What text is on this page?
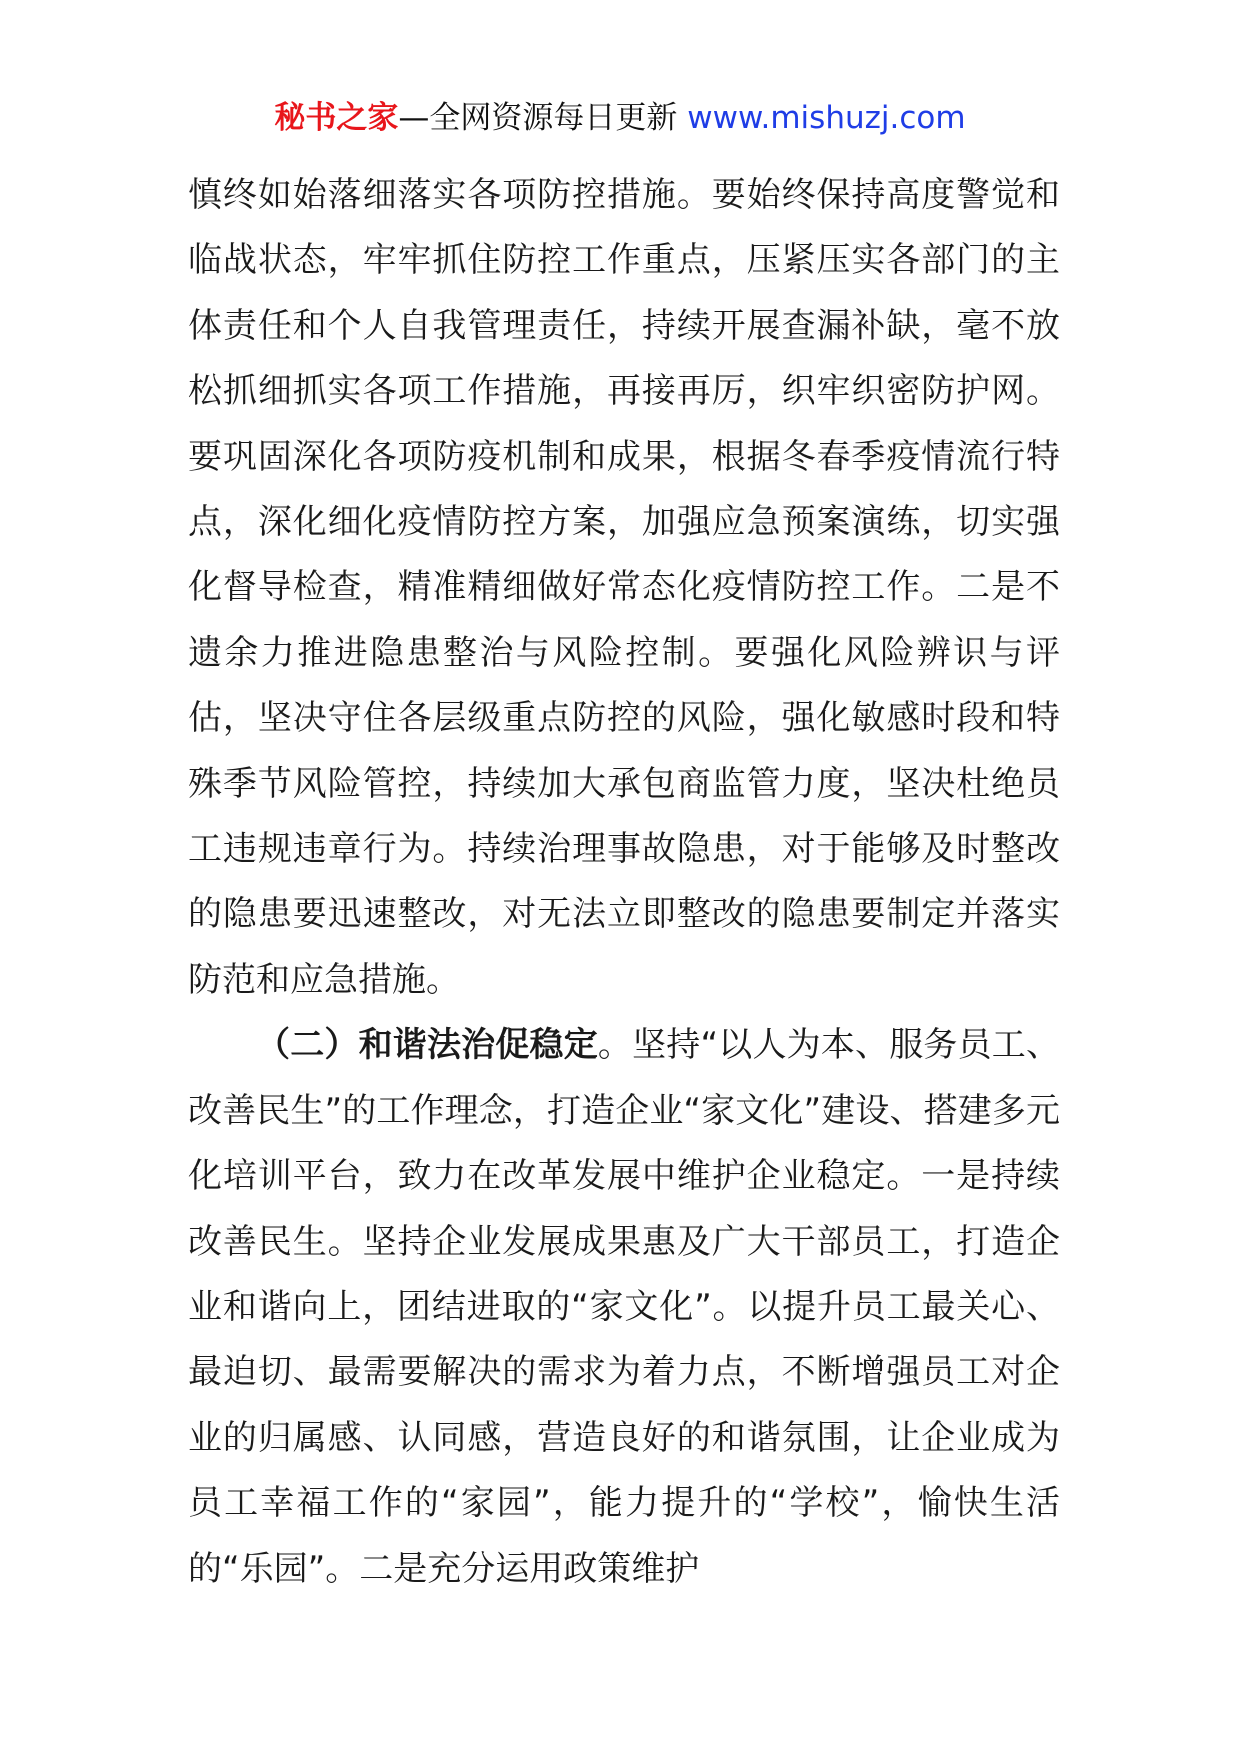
秘书之家—全网资源每日更新 www.mishuzj.com

慎终如始落细落实各项防控措施。要始终保持高度警觉和临战状态，牢牢抓住防控工作重点，压紧压实各部门的主体责任和个人自我管理责任，持续开展查漏补缺，毫不放松抓细抓实各项工作措施，再接再厉，织牢织密防护网。要巩固深化各项防疫机制和成果，根据冬春季疫情流行特点，深化细化疫情防控方案，加强应急预案演练，切实强化督导检查，精准精细做好常态化疫情防控工作。二是不遗余力推进隐患整治与风险控制。要强化风险辨识与评估，坚决守住各层级重点防控的风险，强化敏感时段和特殊季节风险管控，持续加大承包商监管力度，坚决杜绝员工违规违章行为。持续治理事故隐患，对于能够及时整改的隐患要迅速整改，对无法立即整改的隐患要制定并落实防范和应急措施。

（二）和谐法治促稳定。坚持“以人为本、服务员工、改善民生”的工作理念，打造企业“家文化”建设、搭建多元化培训平台，致力在改革发展中维护企业稳定。一是持续改善民生。坚持企业发展成果惠及广大干部员工，打造企业和谐向上，团结进取的“家文化”。以提升员工最关心、最迫切、最需要解决的需求为着力点，不断增强员工对企业的归属感、认同感，营造良好的和谐氛围，让企业成为员工幸福工作的“家园”，能力提升的“学校”，愉快生活的“乐园”。二是充分运用政策维护
